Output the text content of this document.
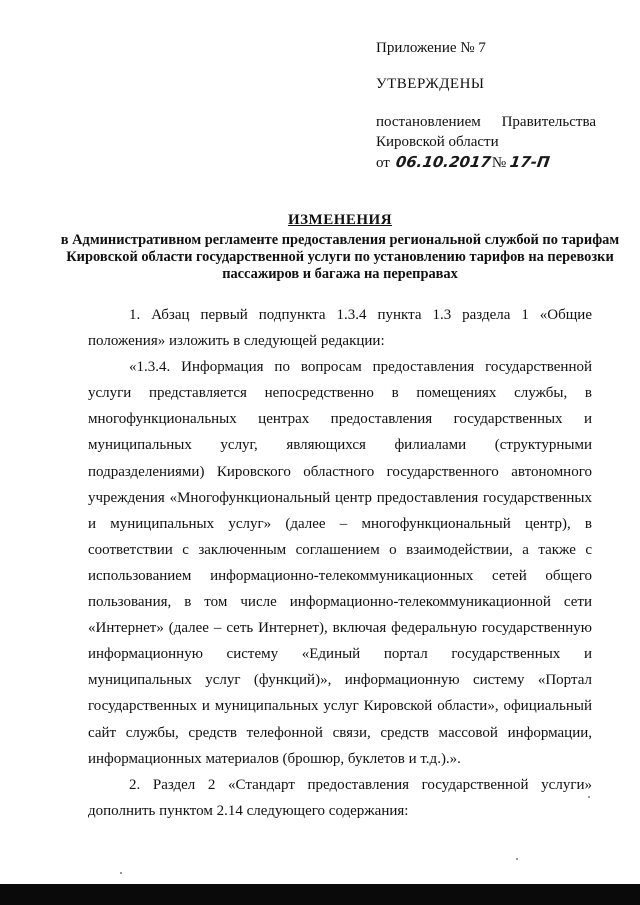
Приложение № 7
УТВЕРЖДЕНЫ
постановлением Правительства
Кировской области
от 06.10.2017 № 17-П
ИЗМЕНЕНИЯ
в Административном регламенте предоставления региональной службой по тарифам Кировской области государственной услуги по установлению тарифов на перевозки пассажиров и багажа на переправах

1. Абзац первый подпункта 1.3.4 пункта 1.3 раздела 1 «Общие положения» изложить в следующей редакции:

«1.3.4. Информация по вопросам предоставления государственной услуги представляется непосредственно в помещениях службы, в многофункциональных центрах предоставления государственных и муниципальных услуг, являющихся филиалами (структурными подразделениями) Кировского областного государственного автономного учреждения «Многофункциональный центр предоставления государственных и муниципальных услуг» (далее – многофункциональный центр), в соответствии с заключенным соглашением о взаимодействии, а также с использованием информационно-телекоммуникационных сетей общего пользования, в том числе информационно-телекоммуникационной сети «Интернет» (далее – сеть Интернет), включая федеральную государственную информационную систему «Единый портал государственных и муниципальных услуг (функций)», информационную систему «Портал государственных и муниципальных услуг Кировской области», официальный сайт службы, средств телефонной связи, средств массовой информации, информационных материалов (брошюр, буклетов и т.д.).».

2. Раздел 2 «Стандарт предоставления государственной услуги» дополнить пунктом 2.14 следующего содержания:
